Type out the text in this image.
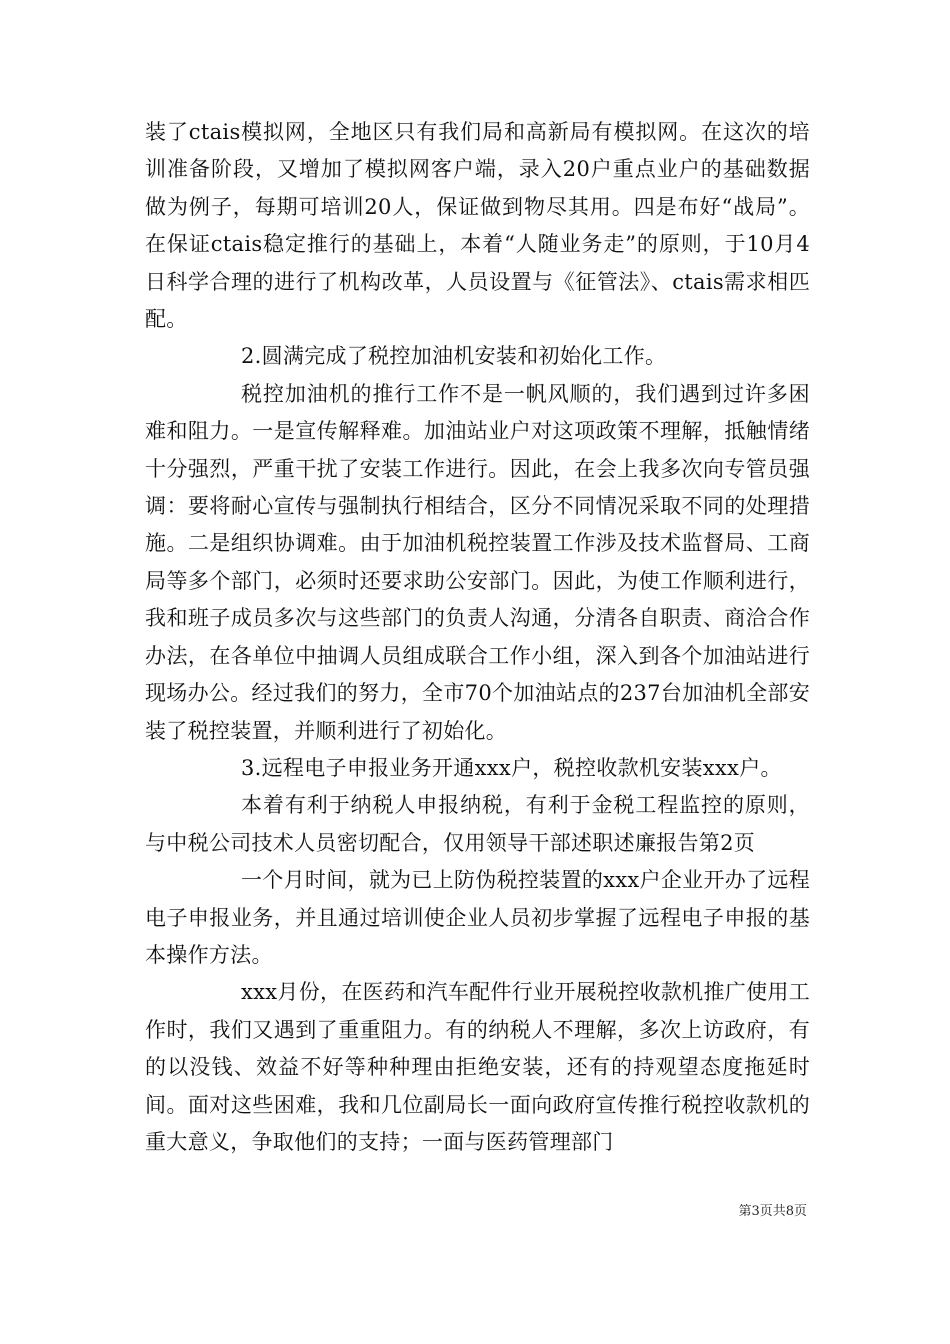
装了ctais模拟网，全地区只有我们局和高新局有模拟网。在这次的培训准备阶段，又增加了模拟网客户端，录入20户重点业户的基础数据做为例子，每期可培训20人，保证做到物尽其用。四是布好“战局”。在保证ctais稳定推行的基础上，本着“人随业务走”的原则，于10月4日科学合理的进行了机构改革，人员设置与《征管法》、ctais需求相匹配。

2.圆满完成了税控加油机安装和初始化工作。

税控加油机的推行工作不是一帆风顺的，我们遇到过许多困难和阻力。一是宣传解释难。加油站业户对这项政策不理解，抵触情绪十分强烈，严重干扰了安装工作进行。因此，在会上我多次向专管员强调：要将耐心宣传与强制执行相结合，区分不同情况采取不同的处理措施。二是组织协调难。由于加油机税控装置工作涉及技术监督局、工商局等多个部门，必须时还要求助公安部门。因此，为使工作顺利进行，我和班子成员多次与这些部门的负责人沟通，分清各自职责、商洽合作办法，在各单位中抽调人员组成联合工作小组，深入到各个加油站进行现场办公。经过我们的努力，全市70个加油站点的237台加油机全部安装了税控装置，并顺利进行了初始化。

3.远程电子申报业务开通xxx户，税控收款机安装xxx户。

本着有利于纳税人申报纳税，有利于金税工程监控的原则，与中税公司技术人员密切配合，仅用领导干部述职述廉报告第2页

一个月时间，就为已上防伪税控装置的xxx户企业开办了远程电子申报业务，并且通过培训使企业人员初步掌握了远程电子申报的基本操作方法。

xxx月份，在医药和汽车配件行业开展税控收款机推广使用工作时，我们又遇到了重重阻力。有的纳税人不理解，多次上访政府，有的以没钱、效益不好等种种理由拒绝安装，还有的持观望态度拖延时间。面对这些困难，我和几位副局长一面向政府宣传推行税控收款机的重大意义，争取他们的支持；一面与医药管理部门

第3页共8页
